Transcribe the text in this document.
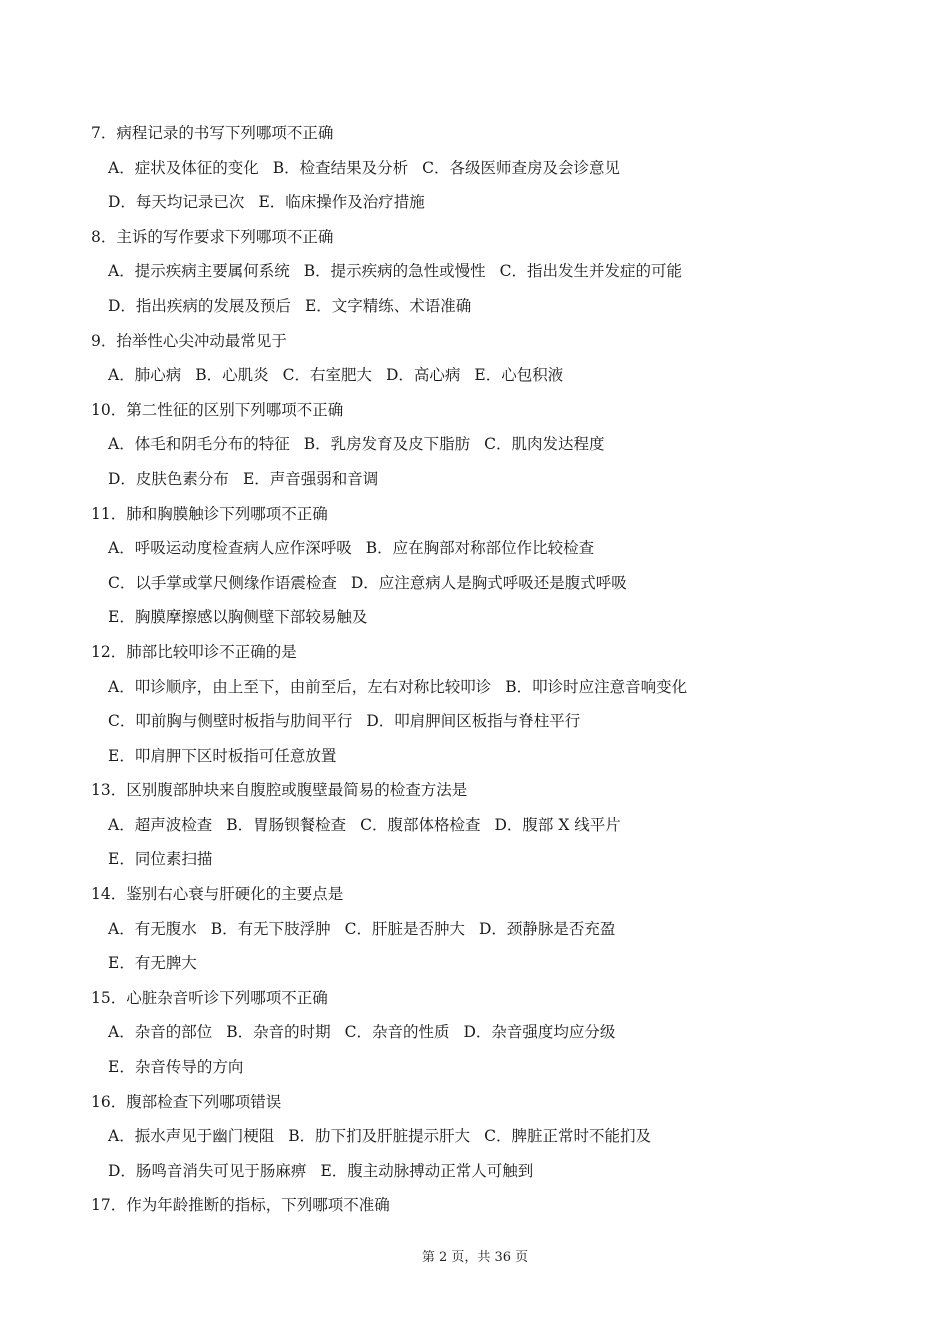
7．病程记录的书写下列哪项不正确
A．症状及体征的变化 B．检查结果及分析 C．各级医师查房及会诊意见
D．每天均记录已次 E．临床操作及治疗措施
8．主诉的写作要求下列哪项不正确
A．提示疾病主要属何系统 B．提示疾病的急性或慢性 C．指出发生并发症的可能
D．指出疾病的发展及预后 E．文字精练、术语准确
9．抬举性心尖冲动最常见于
A．肺心病 B．心肌炎 C．右室肥大 D．高心病 E．心包积液
10．第二性征的区别下列哪项不正确
A．体毛和阴毛分布的特征 B．乳房发育及皮下脂肪 C．肌肉发达程度
D．皮肤色素分布 E．声音强弱和音调
11．肺和胸膜触诊下列哪项不正确
A．呼吸运动度检查病人应作深呼吸 B．应在胸部对称部位作比较检查
C．以手掌或掌尺侧缘作语震检查 D．应注意病人是胸式呼吸还是腹式呼吸
E．胸膜摩擦感以胸侧壁下部较易触及
12．肺部比较叩诊不正确的是
A．叩诊顺序，由上至下，由前至后，左右对称比较叩诊 B．叩诊时应注意音响变化
C．叩前胸与侧壁时板指与肋间平行 D．叩肩胛间区板指与脊柱平行
E．叩肩胛下区时板指可任意放置
13．区别腹部肿块来自腹腔或腹壁最简易的检查方法是
A．超声波检查 B．胃肠钡餐检查 C．腹部体格检查 D．腹部 X 线平片
E．同位素扫描
14．鉴别右心衰与肝硬化的主要点是
A．有无腹水 B．有无下肢浮肿 C．肝脏是否肿大 D．颈静脉是否充盈
E．有无脾大
15．心脏杂音听诊下列哪项不正确
A．杂音的部位 B．杂音的时期 C．杂音的性质 D．杂音强度均应分级
E．杂音传导的方向
16．腹部检查下列哪项错误
A．振水声见于幽门梗阻 B．肋下扪及肝脏提示肝大 C．脾脏正常时不能扪及
D．肠鸣音消失可见于肠麻痹 E．腹主动脉搏动正常人可触到
17．作为年龄推断的指标，下列哪项不准确
第 2 页，共 36 页
